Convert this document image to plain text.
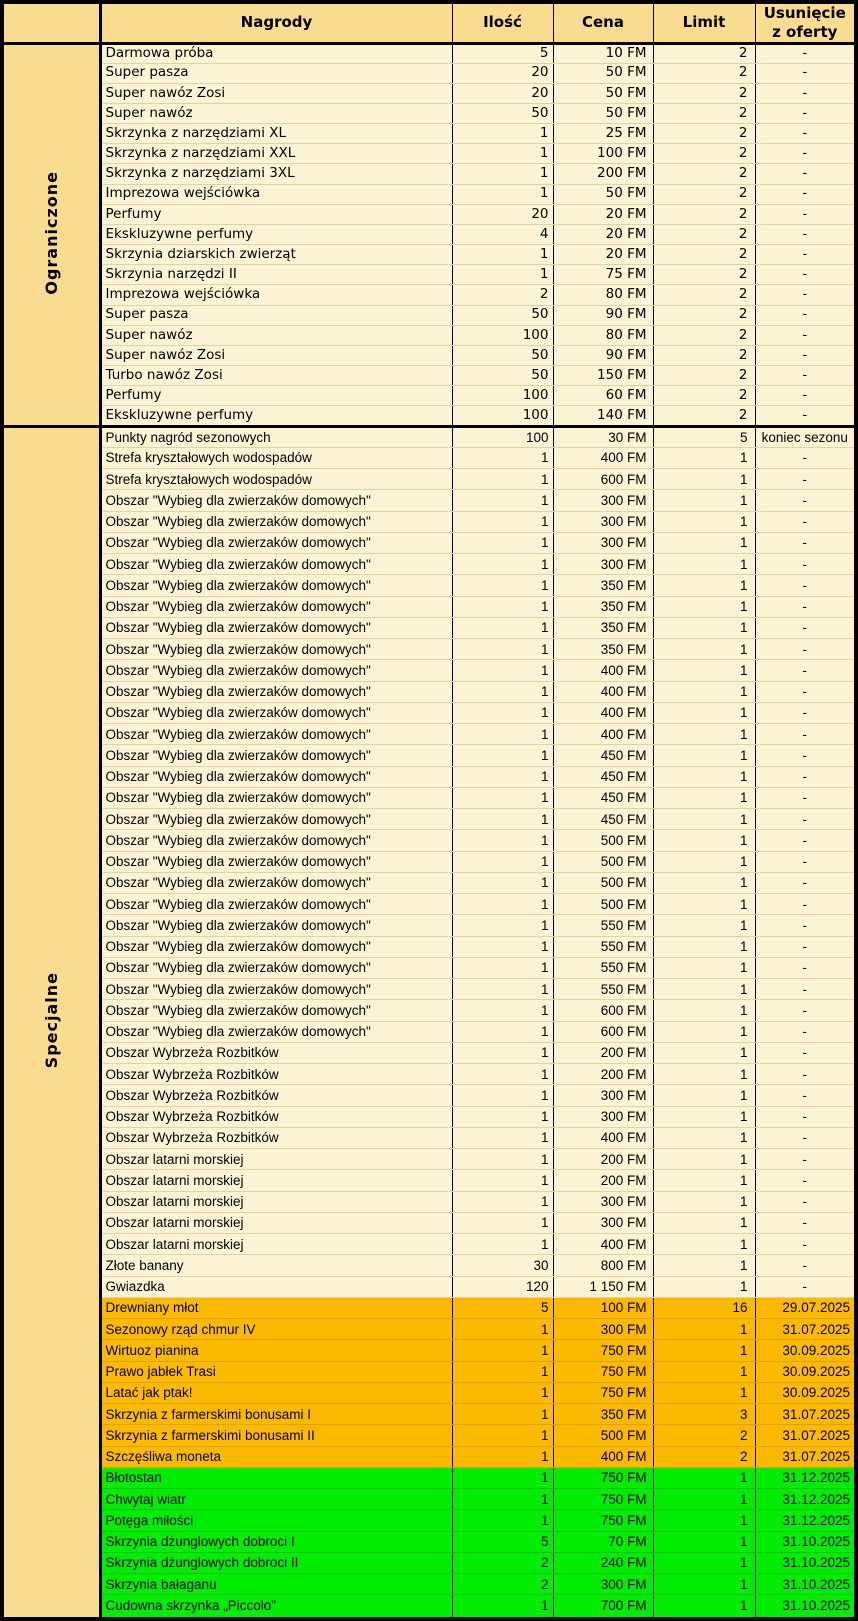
	Nagrody	Ilość	Cena	Limit	Usunięcie z oferty
Ograniczone	Darmowa próba	5	10 FM	2	-
	Super pasza	20	50 FM	2	-
	Super nawóz Zosi	20	50 FM	2	-
	Super nawóz	50	50 FM	2	-
	Skrzynka z narzędziami XL	1	25 FM	2	-
	Skrzynka z narzędziami XXL	1	100 FM	2	-
	Skrzynka z narzędziami 3XL	1	200 FM	2	-
	Imprezowa wejściówka	1	50 FM	2	-
	Perfumy	20	20 FM	2	-
	Ekskluzywne perfumy	4	20 FM	2	-
	Skrzynia dziarskich zwierząt	1	20 FM	2	-
	Skrzynia narzędzi II	1	75 FM	2	-
	Imprezowa wejściówka	2	80 FM	2	-
	Super pasza	50	90 FM	2	-
	Super nawóz	100	80 FM	2	-
	Super nawóz Zosi	50	90 FM	2	-
	Turbo nawóz Zosi	50	150 FM	2	-
	Perfumy	100	60 FM	2	-
	Ekskluzywne perfumy	100	140 FM	2	-
Specjalne	Punkty nagród sezonowych	100	30 FM	5	koniec sezonu
	Strefa kryształowych wodospadów	1	400 FM	1	-
	Strefa kryształowych wodospadów	1	600 FM	1	-
	Obszar "Wybieg dla zwierzaków domowych"	1	300 FM	1	-
	Obszar "Wybieg dla zwierzaków domowych"	1	300 FM	1	-
	Obszar "Wybieg dla zwierzaków domowych"	1	300 FM	1	-
	Obszar "Wybieg dla zwierzaków domowych"	1	300 FM	1	-
	Obszar "Wybieg dla zwierzaków domowych"	1	350 FM	1	-
	Obszar "Wybieg dla zwierzaków domowych"	1	350 FM	1	-
	Obszar "Wybieg dla zwierzaków domowych"	1	350 FM	1	-
	Obszar "Wybieg dla zwierzaków domowych"	1	350 FM	1	-
	Obszar "Wybieg dla zwierzaków domowych"	1	400 FM	1	-
	Obszar "Wybieg dla zwierzaków domowych"	1	400 FM	1	-
	Obszar "Wybieg dla zwierzaków domowych"	1	400 FM	1	-
	Obszar "Wybieg dla zwierzaków domowych"	1	400 FM	1	-
	Obszar "Wybieg dla zwierzaków domowych"	1	450 FM	1	-
	Obszar "Wybieg dla zwierzaków domowych"	1	450 FM	1	-
	Obszar "Wybieg dla zwierzaków domowych"	1	450 FM	1	-
	Obszar "Wybieg dla zwierzaków domowych"	1	450 FM	1	-
	Obszar "Wybieg dla zwierzaków domowych"	1	500 FM	1	-
	Obszar "Wybieg dla zwierzaków domowych"	1	500 FM	1	-
	Obszar "Wybieg dla zwierzaków domowych"	1	500 FM	1	-
	Obszar "Wybieg dla zwierzaków domowych"	1	500 FM	1	-
	Obszar "Wybieg dla zwierzaków domowych"	1	550 FM	1	-
	Obszar "Wybieg dla zwierzaków domowych"	1	550 FM	1	-
	Obszar "Wybieg dla zwierzaków domowych"	1	550 FM	1	-
	Obszar "Wybieg dla zwierzaków domowych"	1	550 FM	1	-
	Obszar "Wybieg dla zwierzaków domowych"	1	600 FM	1	-
	Obszar "Wybieg dla zwierzaków domowych"	1	600 FM	1	-
	Obszar Wybrzeża Rozbitków	1	200 FM	1	-
	Obszar Wybrzeża Rozbitków	1	200 FM	1	-
	Obszar Wybrzeża Rozbitków	1	300 FM	1	-
	Obszar Wybrzeża Rozbitków	1	300 FM	1	-
	Obszar Wybrzeża Rozbitków	1	400 FM	1	-
	Obszar latarni morskiej	1	200 FM	1	-
	Obszar latarni morskiej	1	200 FM	1	-
	Obszar latarni morskiej	1	300 FM	1	-
	Obszar latarni morskiej	1	300 FM	1	-
	Obszar latarni morskiej	1	400 FM	1	-
	Złote banany	30	800 FM	1	-
	Gwiazdka	120	1 150 FM	1	-
	Drewniany młot	5	100 FM	16	29.07.2025
	Sezonowy rząd chmur IV	1	300 FM	1	31.07.2025
	Wirtuoz pianina	1	750 FM	1	30.09.2025
	Prawo jabłek Trasi	1	750 FM	1	30.09.2025
	Latać jak ptak!	1	750 FM	1	30.09.2025
	Skrzynia z farmerskimi bonusami I	1	350 FM	3	31.07.2025
	Skrzynia z farmerskimi bonusami II	1	500 FM	2	31.07.2025
	Szczęśliwa moneta	1	400 FM	2	31.07.2025
	Błotostan	1	750 FM	1	31.12.2025
	Chwytaj wiatr	1	750 FM	1	31.12.2025
	Potęga miłości	1	750 FM	1	31.12.2025
	Skrzynia dżunglowych dobroci I	5	70 FM	1	31.10.2025
	Skrzynia dżunglowych dobroci II	2	240 FM	1	31.10.2025
	Skrzynia bałaganu	2	300 FM	1	31.10.2025
	Cudowna skrzynka „Piccolo”	1	700 FM	1	31.10.2025
